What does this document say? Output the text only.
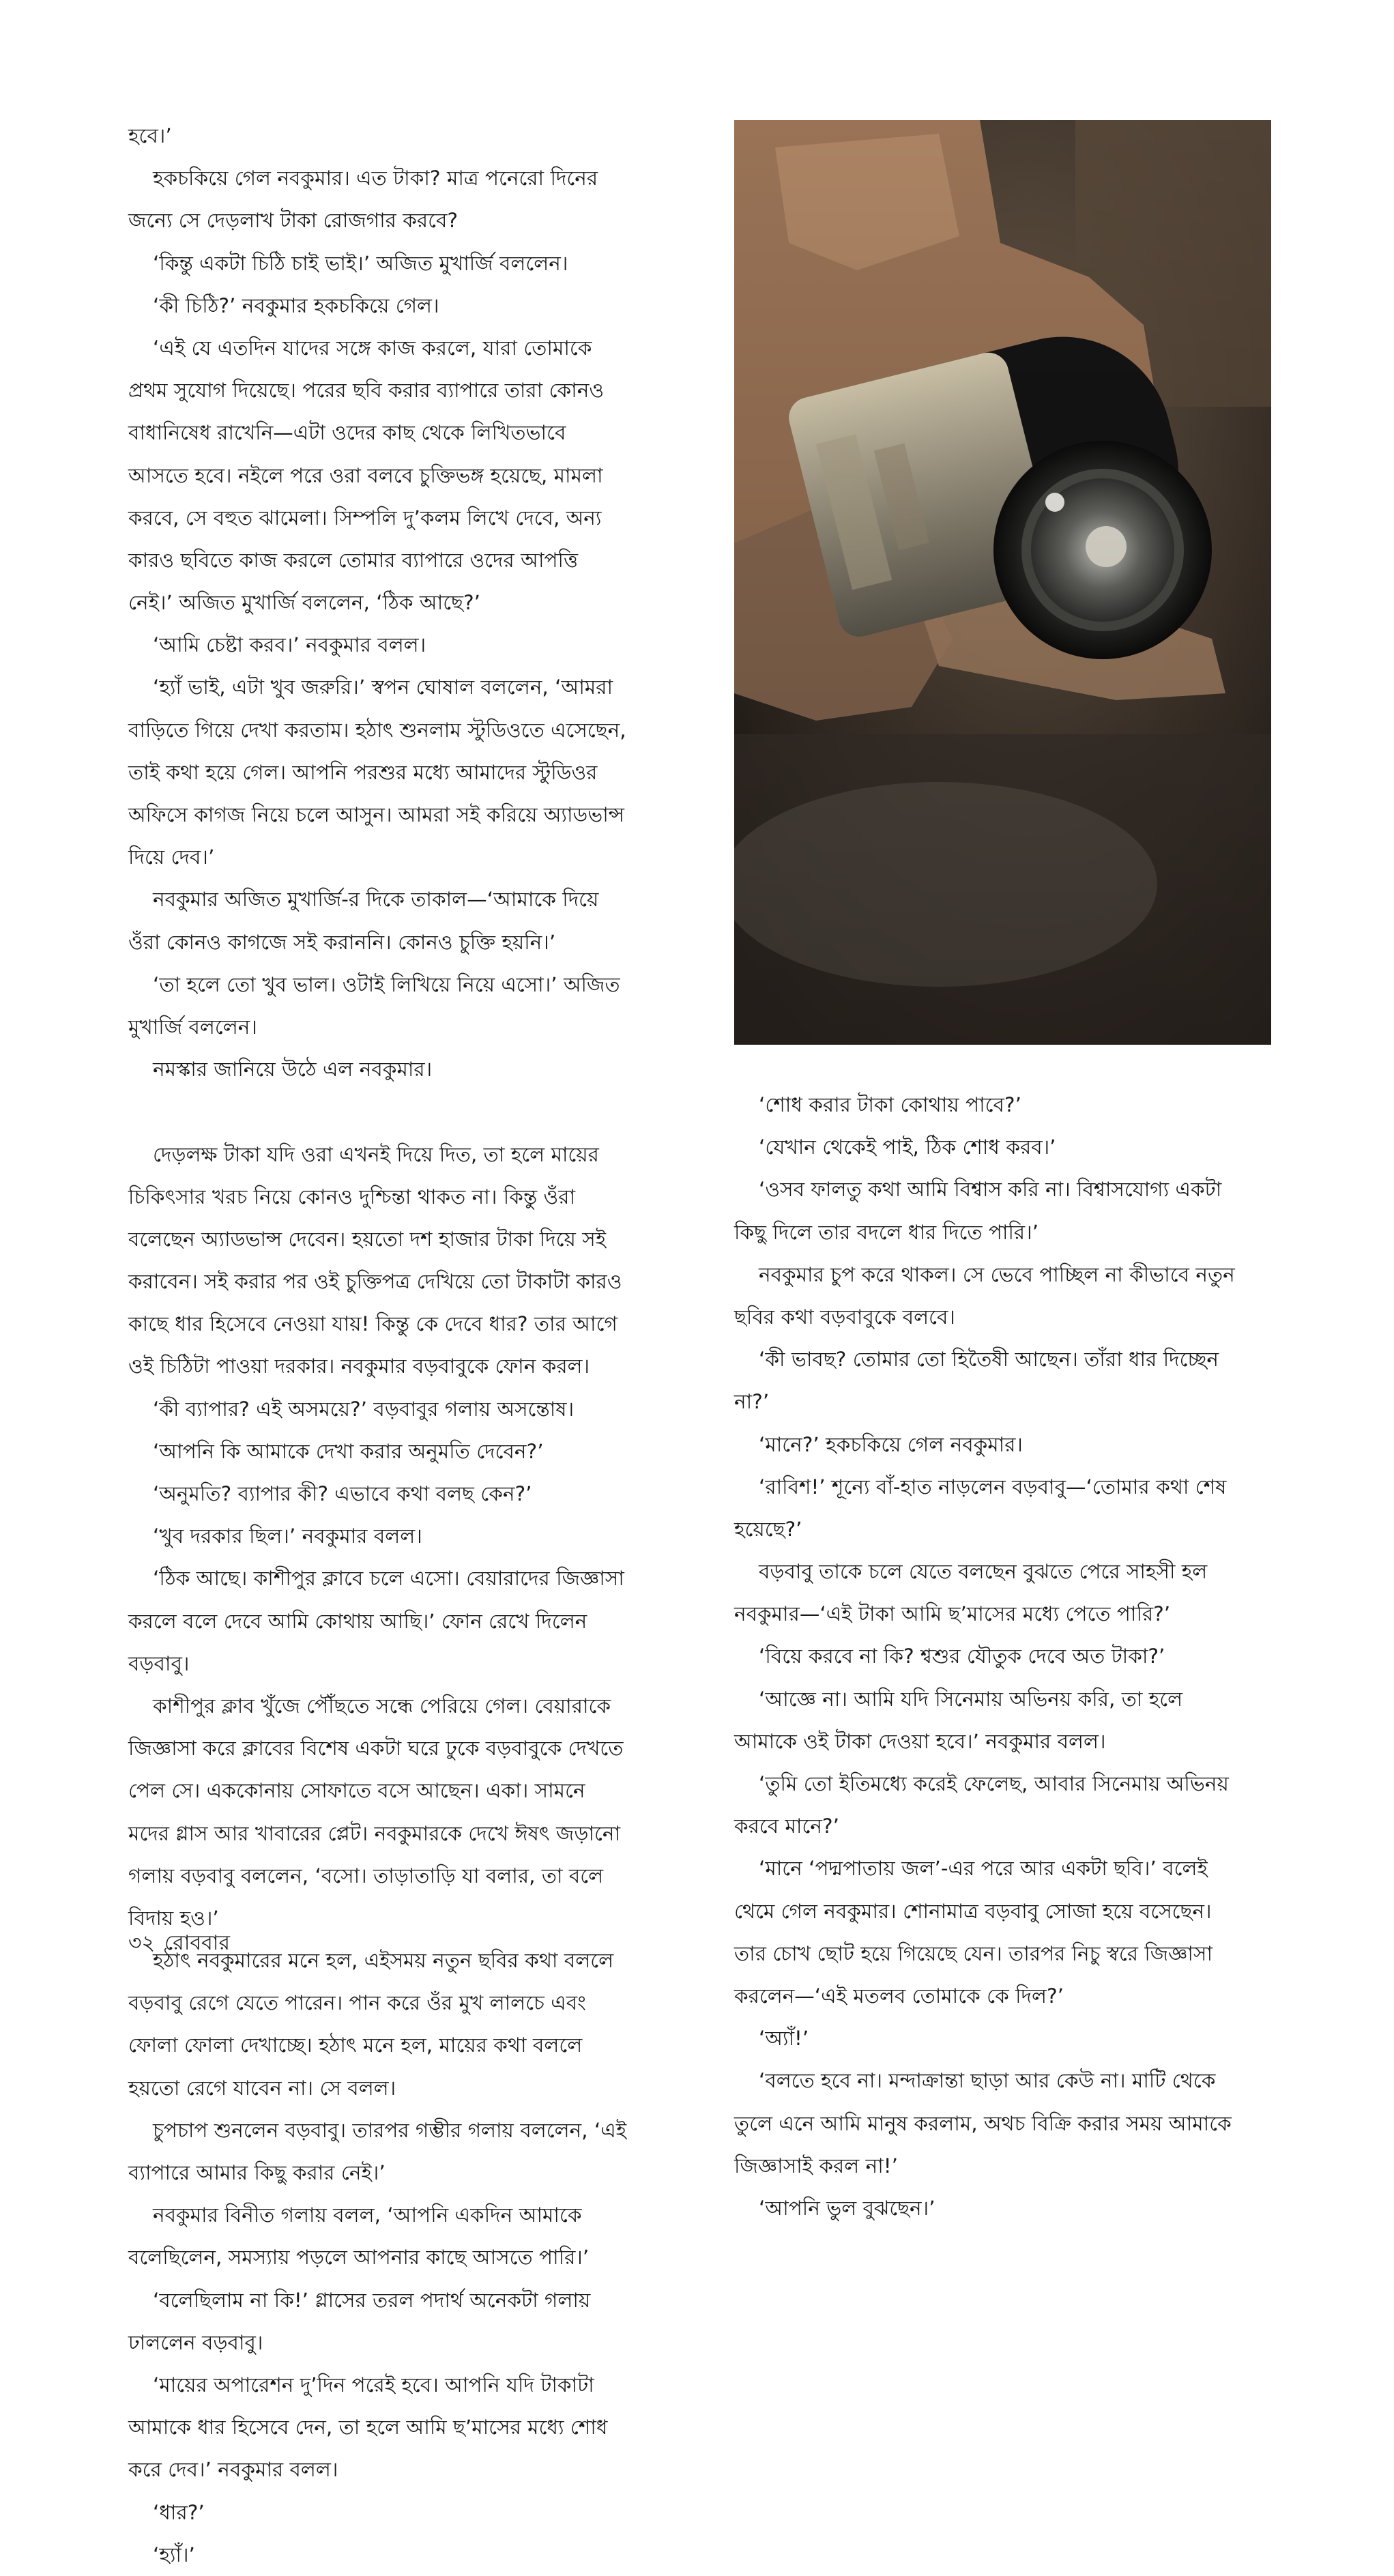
হবে।’
হকচকিয়ে গেল নবকুমার। এত টাকা? মাত্র পনেরো দিনের
জন্যে সে দেড়লাখ টাকা রোজগার করবে?
‘কিন্তু একটা চিঠি চাই ভাই।’ অজিত মুখার্জি বললেন।
‘কী চিঠি?’ নবকুমার হকচকিয়ে গেল।
‘এই যে এতদিন যাদের সঙ্গে কাজ করলে, যারা তোমাকে
প্রথম সুযোগ দিয়েছে। পরের ছবি করার ব্যাপারে তারা কোনও
বাধানিষেধ রাখেনি—এটা ওদের কাছ থেকে লিখিতভাবে
আসতে হবে। নইলে পরে ওরা বলবে চুক্তিভঙ্গ হয়েছে, মামলা
করবে, সে বহুত ঝামেলা। সিম্পলি দু’কলম লিখে দেবে, অন্য
কারও ছবিতে কাজ করলে তোমার ব্যাপারে ওদের আপত্তি
নেই।’ অজিত মুখার্জি বললেন, ‘ঠিক আছে?’
‘আমি চেষ্টা করব।’ নবকুমার বলল।
‘হ্যাঁ ভাই, এটা খুব জরুরি।’ স্বপন ঘোষাল বললেন, ‘আমরা
বাড়িতে গিয়ে দেখা করতাম। হঠাৎ শুনলাম স্টুডিওতে এসেছেন,
তাই কথা হয়ে গেল। আপনি পরশুর মধ্যে আমাদের স্টুডিওর
অফিসে কাগজ নিয়ে চলে আসুন। আমরা সই করিয়ে অ্যাডভান্স
দিয়ে দেব।’
নবকুমার অজিত মুখার্জি-র দিকে তাকাল—‘আমাকে দিয়ে
ওঁরা কোনও কাগজে সই করাননি। কোনও চুক্তি হয়নি।’
‘তা হলে তো খুব ভাল। ওটাই লিখিয়ে নিয়ে এসো।’ অজিত
মুখার্জি বললেন।
নমস্কার জানিয়ে উঠে এল নবকুমার।
দেড়লক্ষ টাকা যদি ওরা এখনই দিয়ে দিত, তা হলে মায়ের
চিকিৎসার খরচ নিয়ে কোনও দুশ্চিন্তা থাকত না। কিন্তু ওঁরা
বলেছেন অ্যাডভান্স দেবেন। হয়তো দশ হাজার টাকা দিয়ে সই
করাবেন। সই করার পর ওই চুক্তিপত্র দেখিয়ে তো টাকাটা কারও
কাছে ধার হিসেবে নেওয়া যায়! কিন্তু কে দেবে ধার? তার আগে
ওই চিঠিটা পাওয়া দরকার। নবকুমার বড়বাবুকে ফোন করল।
‘কী ব্যাপার? এই অসময়ে?’ বড়বাবুর গলায় অসন্তোষ।
‘আপনি কি আমাকে দেখা করার অনুমতি দেবেন?’
‘অনুমতি? ব্যাপার কী? এভাবে কথা বলছ কেন?’
‘খুব দরকার ছিল।’ নবকুমার বলল।
‘ঠিক আছে। কাশীপুর ক্লাবে চলে এসো। বেয়ারাদের জিজ্ঞাসা
করলে বলে দেবে আমি কোথায় আছি।’ ফোন রেখে দিলেন
বড়বাবু।
কাশীপুর ক্লাব খুঁজে পৌঁছতে সন্ধে পেরিয়ে গেল। বেয়ারাকে
জিজ্ঞাসা করে ক্লাবের বিশেষ একটা ঘরে ঢুকে বড়বাবুকে দেখতে
পেল সে। এককোনায় সোফাতে বসে আছেন। একা। সামনে
মদের গ্লাস আর খাবারের প্লেট। নবকুমারকে দেখে ঈষৎ জড়ানো
গলায় বড়বাবু বললেন, ‘বসো। তাড়াতাড়ি যা বলার, তা বলে
বিদায় হও।’
হঠাৎ নবকুমারের মনে হল, এইসময় নতুন ছবির কথা বললে
বড়বাবু রেগে যেতে পারেন। পান করে ওঁর মুখ লালচে এবং
ফোলা ফোলা দেখাচ্ছে। হঠাৎ মনে হল, মায়ের কথা বললে
হয়তো রেগে যাবেন না। সে বলল।
চুপচাপ শুনলেন বড়বাবু। তারপর গম্ভীর গলায় বললেন, ‘এই
ব্যাপারে আমার কিছু করার নেই।’
নবকুমার বিনীত গলায় বলল, ‘আপনি একদিন আমাকে
বলেছিলেন, সমস্যায় পড়লে আপনার কাছে আসতে পারি।’
‘বলেছিলাম না কি!’ গ্লাসের তরল পদার্থ অনেকটা গলায়
ঢাললেন বড়বাবু।
‘মায়ের অপারেশন দু’দিন পরেই হবে। আপনি যদি টাকাটা
আমাকে ধার হিসেবে দেন, তা হলে আমি ছ’মাসের মধ্যে শোধ
করে দেব।’ নবকুমার বলল।
‘ধার?’
‘হ্যাঁ।’
‘শোধ করার টাকা কোথায় পাবে?’
‘যেখান থেকেই পাই, ঠিক শোধ করব।’
‘ওসব ফালতু কথা আমি বিশ্বাস করি না। বিশ্বাসযোগ্য একটা
কিছু দিলে তার বদলে ধার দিতে পারি।’
নবকুমার চুপ করে থাকল। সে ভেবে পাচ্ছিল না কীভাবে নতুন
ছবির কথা বড়বাবুকে বলবে।
‘কী ভাবছ? তোমার তো হিতৈষী আছেন। তাঁরা ধার দিচ্ছেন
না?’
‘মানে?’ হকচকিয়ে গেল নবকুমার।
‘রাবিশ!’ শূন্যে বাঁ-হাত নাড়লেন বড়বাবু—‘তোমার কথা শেষ
হয়েছে?’
বড়বাবু তাকে চলে যেতে বলছেন বুঝতে পেরে সাহসী হল
নবকুমার—‘এই টাকা আমি ছ’মাসের মধ্যে পেতে পারি?’
‘বিয়ে করবে না কি? শ্বশুর যৌতুক দেবে অত টাকা?’
‘আজ্ঞে না। আমি যদি সিনেমায় অভিনয় করি, তা হলে
আমাকে ওই টাকা দেওয়া হবে।’ নবকুমার বলল।
‘তুমি তো ইতিমধ্যে করেই ফেলেছ, আবার সিনেমায় অভিনয়
করবে মানে?’
‘মানে ‘পদ্মপাতায় জল’-এর পরে আর একটা ছবি।’ বলেই
থেমে গেল নবকুমার। শোনামাত্র বড়বাবু সোজা হয়ে বসেছেন।
তার চোখ ছোট হয়ে গিয়েছে যেন। তারপর নিচু স্বরে জিজ্ঞাসা
করলেন—‘এই মতলব তোমাকে কে দিল?’
‘অ্যাঁ!’
‘বলতে হবে না। মন্দাক্রান্তা ছাড়া আর কেউ না। মাটি থেকে
তুলে এনে আমি মানুষ করলাম, অথচ বিক্রি করার সময় আমাকে
জিজ্ঞাসাই করল না!’
‘আপনি ভুল বুঝছেন।’
৩২ রোববার
